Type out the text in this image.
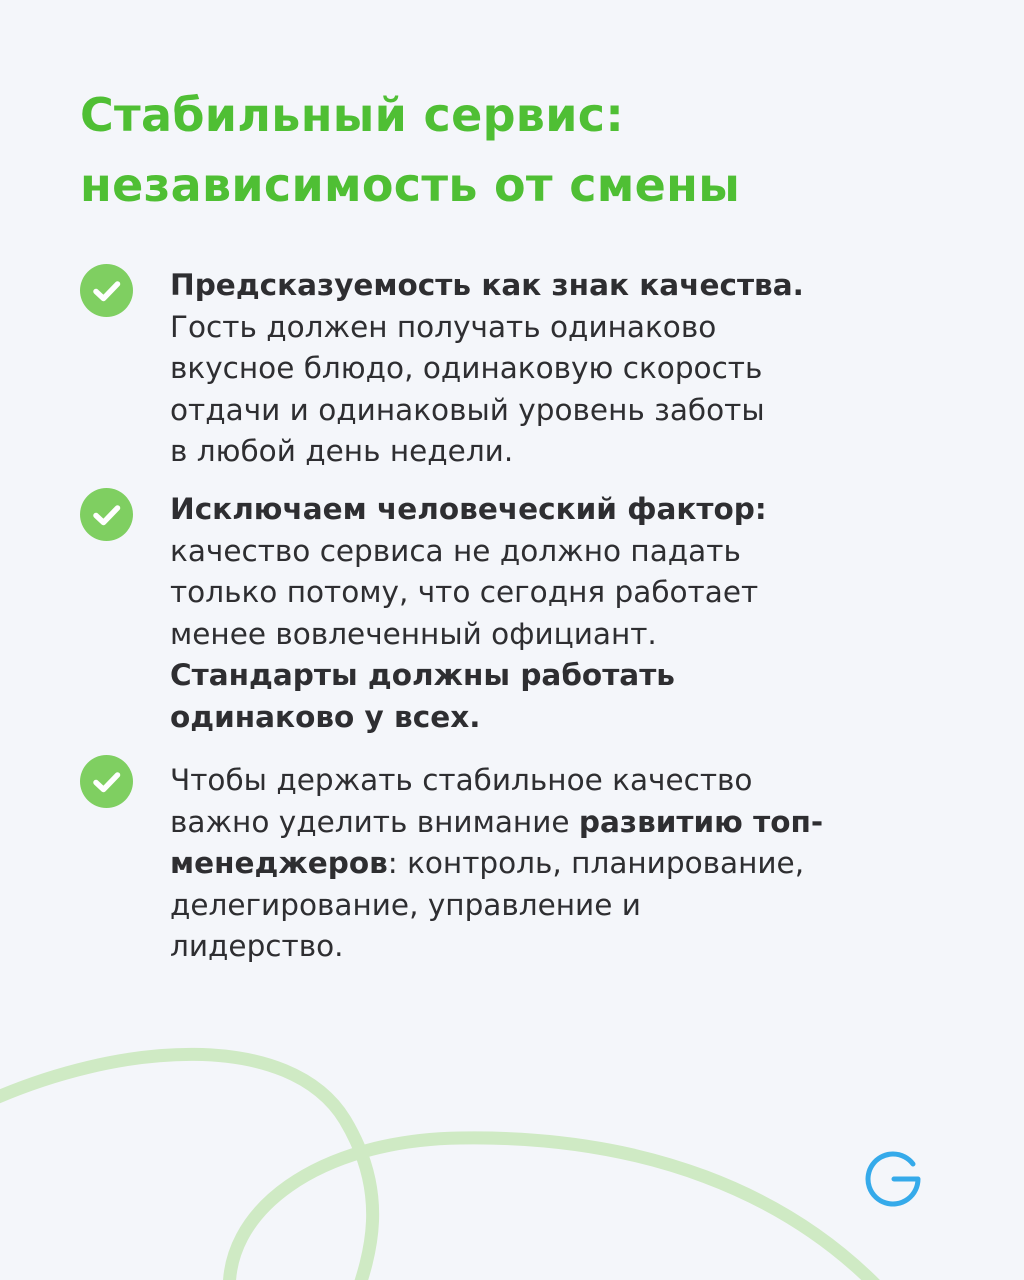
Стабильный сервис:
независимость от смены
Предсказуемость как знак качества.
Гость должен получать одинаково
вкусное блюдо, одинаковую скорость
отдачи и одинаковый уровень заботы
в любой день недели.
Исключаем человеческий фактор:
качество сервиса не должно падать
только потому, что сегодня работает
менее вовлеченный официант.
Стандарты должны работать
одинаково у всех.
Чтобы держать стабильное качество
важно уделить внимание развитию топ-
менеджеров: контроль, планирование,
делегирование, управление и
лидерство.
